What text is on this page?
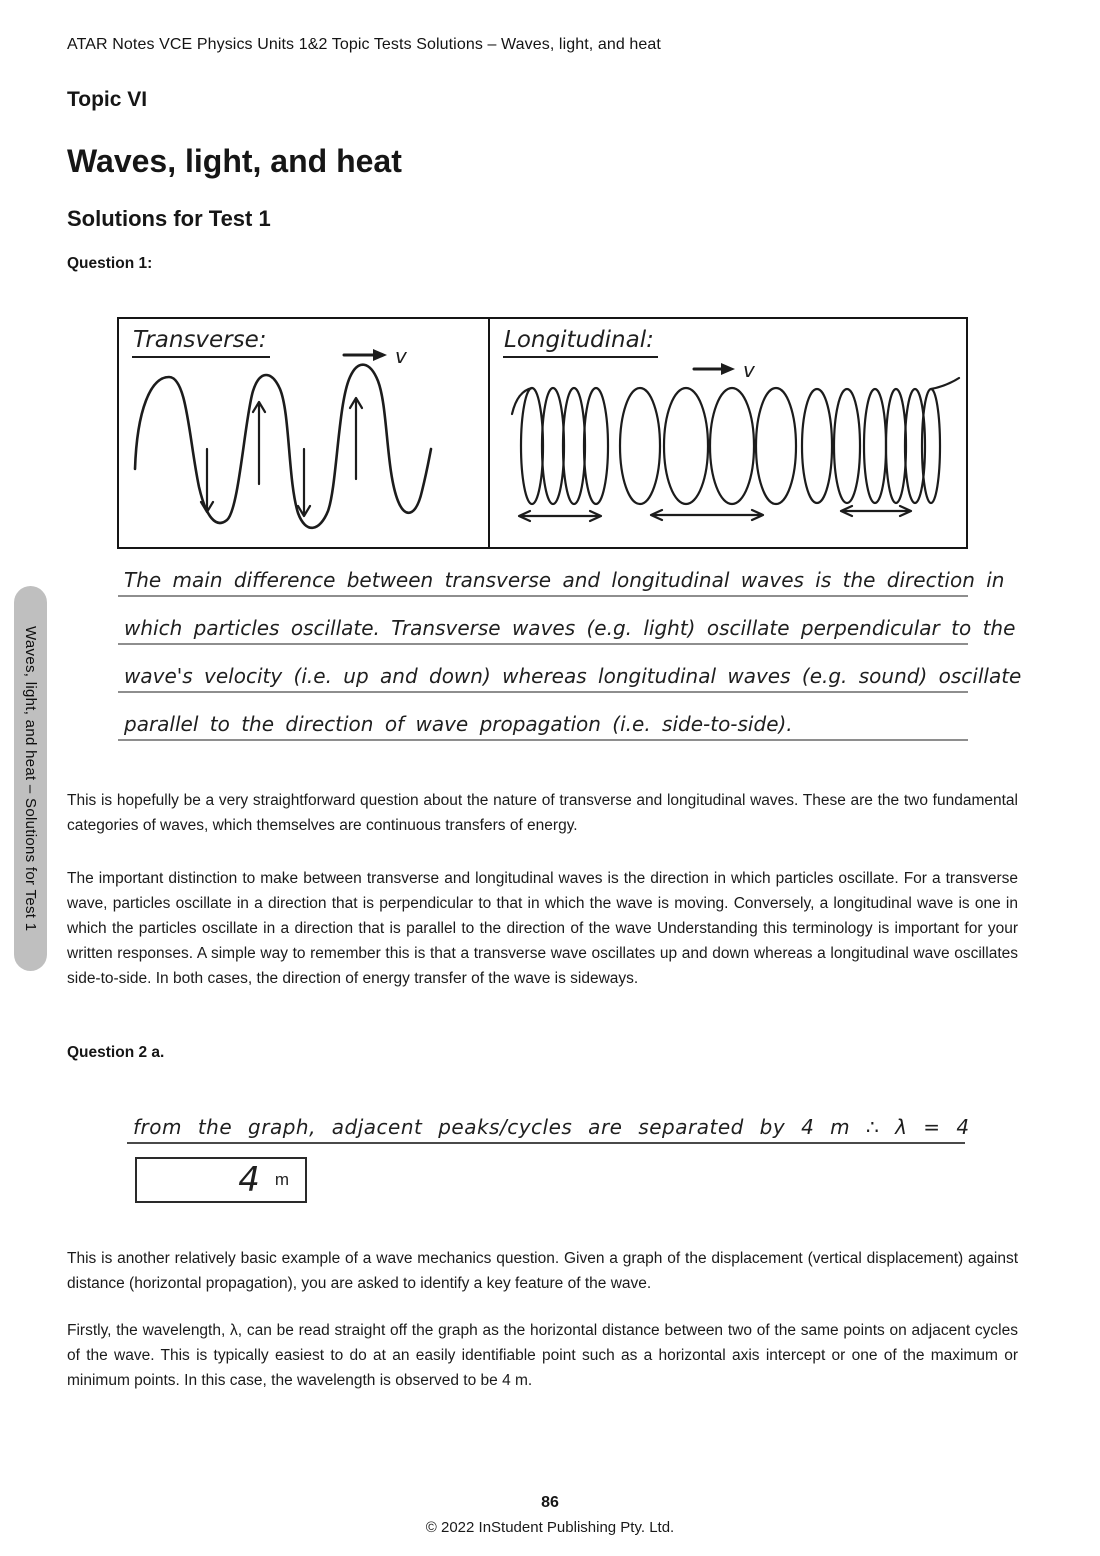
ATAR Notes VCE Physics Units 1&2 Topic Tests Solutions – Waves, light, and heat
Topic VI
Waves, light, and heat
Solutions for Test 1
Question 1:
Transverse:
v
Longitudinal:
v
The main difference between transverse and longitudinal waves is the direction in
which particles oscillate. Transverse waves (e.g. light) oscillate perpendicular to the
wave's velocity (i.e. up and down) whereas longitudinal waves (e.g. sound) oscillate
parallel to the direction of wave propagation (i.e. side-to-side).

This is hopefully be a very straightforward question about the nature of transverse and longitudinal waves. These are the two fundamental categories of waves, which themselves are continuous transfers of energy.

The important distinction to make between transverse and longitudinal waves is the direction in which particles oscillate. For a transverse wave, particles oscillate in a direction that is perpendicular to that in which the wave is moving. Conversely, a longitudinal wave is one in which the particles oscillate in a direction that is parallel to the direction of the wave Understanding this terminology is important for your written responses. A simple way to remember this is that a transverse wave oscillates up and down whereas a longitudinal wave oscillates side-to-side. In both cases, the direction of energy transfer of the wave is sideways.

Question 2 a.
from the graph, adjacent peaks/cycles are separated by 4 m ∴ λ = 4
4 m

This is another relatively basic example of a wave mechanics question. Given a graph of the displacement (vertical displacement) against distance (horizontal propagation), you are asked to identify a key feature of the wave.

Firstly, the wavelength, λ, can be read straight off the graph as the horizontal distance between two of the same points on adjacent cycles of the wave. This is typically easiest to do at an easily identifiable point such as a horizontal axis intercept or one of the maximum or minimum points. In this case, the wavelength is observed to be 4 m.

86
© 2022 InStudent Publishing Pty. Ltd.
Waves, light, and heat – Solutions for Test 1
